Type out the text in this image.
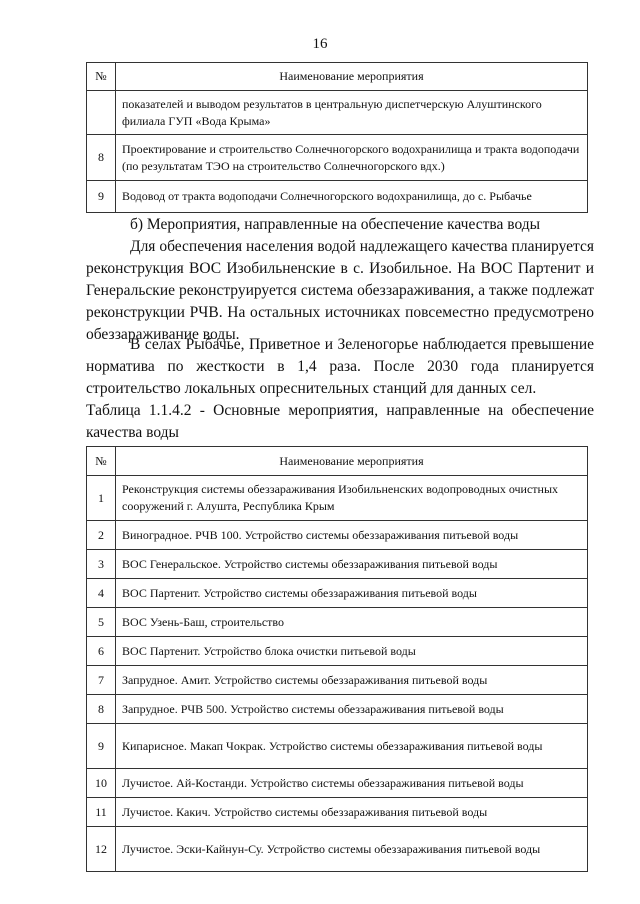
16
№	Наименование мероприятия
	показателей и выводом результатов в центральную диспетчерскую Алуштинского филиала ГУП «Вода Крыма»
8	Проектирование и строительство Солнечногорского водохранилища и тракта водоподачи (по результатам ТЭО на строительство Солнечногорского вдх.)
9	Водовод от тракта водоподачи Солнечногорского водохранилища, до с. Рыбачье
б) Мероприятия, направленные на обеспечение качества воды
Для обеспечения населения водой надлежащего качества планируется реконструкция ВОС Изобильненские в с. Изобильное. На ВОС Партенит и Генеральские реконструируется система обеззараживания, а также подлежат реконструкции РЧВ. На остальных источниках повсеместно предусмотрено обеззараживание воды.
В селах Рыбачье, Приветное и Зеленогорье наблюдается превышение норматива по жесткости в 1,4 раза. После 2030 года планируется строительство локальных опреснительных станций для данных сел.
Таблица 1.1.4.2 - Основные мероприятия, направленные на обеспечение качества воды
№	Наименование мероприятия
1	Реконструкция системы обеззараживания Изобильненских водопроводных очистных сооружений г. Алушта, Республика Крым
2	Виноградное. РЧВ 100. Устройство системы обеззараживания питьевой воды
3	ВОС Генеральское. Устройство системы обеззараживания питьевой воды
4	ВОС Партенит. Устройство системы обеззараживания питьевой воды
5	ВОС Узень-Баш, строительство
6	ВОС Партенит. Устройство блока очистки питьевой воды
7	Запрудное. Амит. Устройство системы обеззараживания питьевой воды
8	Запрудное. РЧВ 500. Устройство системы обеззараживания питьевой воды
9	Кипарисное. Макап Чокрак. Устройство системы обеззараживания питьевой воды
10	Лучистое. Ай-Костанди. Устройство системы обеззараживания питьевой воды
11	Лучистое. Какич. Устройство системы обеззараживания питьевой воды
12	Лучистое. Эски-Кайнун-Су. Устройство системы обеззараживания питьевой воды
